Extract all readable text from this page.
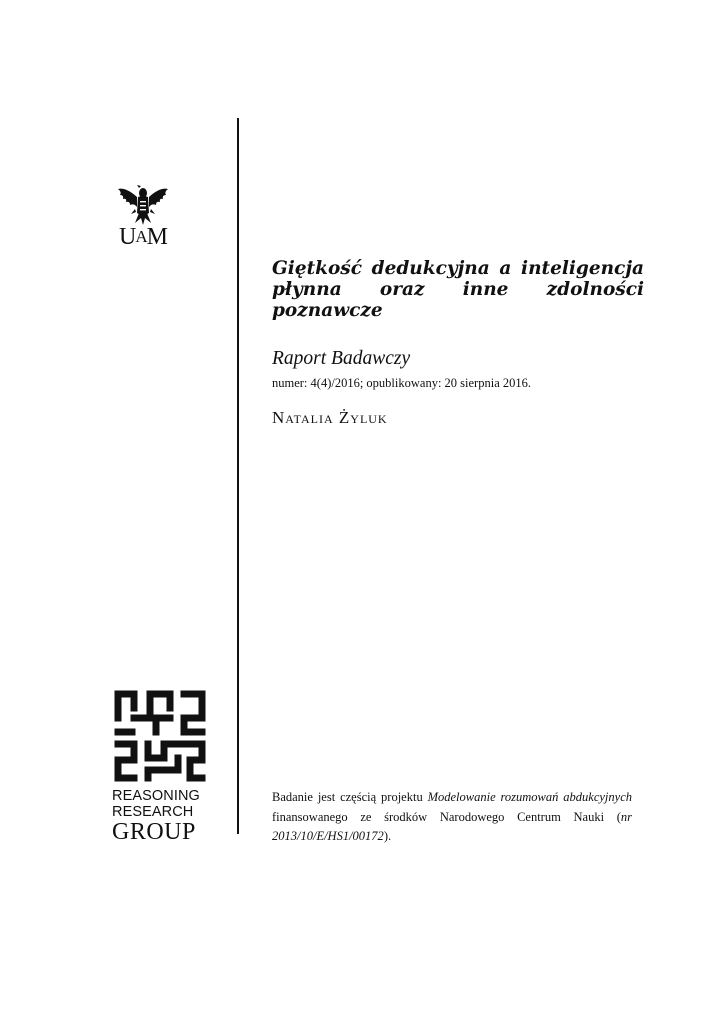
UAM
Giętkość dedukcyjna a inteligencja płynna oraz inne zdolności poznawcze

Raport Badawczy

numer: 4(4)/2016; opublikowany: 20 sierpnia 2016.

Natalia Żyluk

REASONING
RESEARCH
GROUP

Badanie jest częścią projektu Modelowanie rozumowań abdukcyjnych finansowanego ze środków Narodowego Centrum Nauki (nr 2013/10/E/HS1/00172).
